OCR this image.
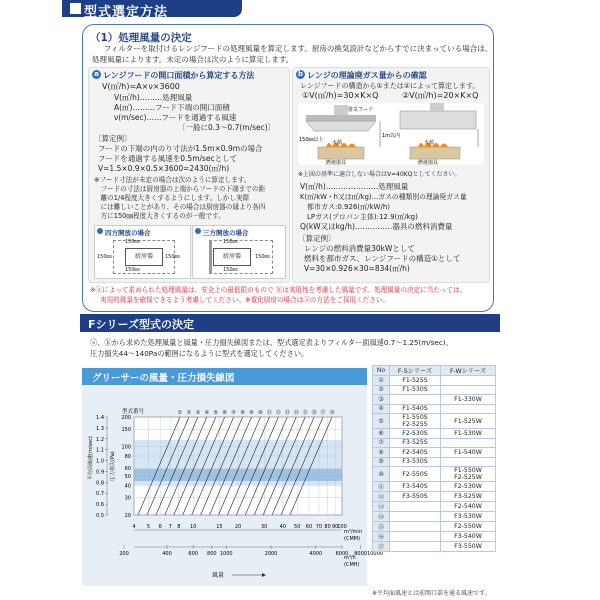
型式選定方法
（1）処理風量の決定
フィルターを取付けるレンジフードの処理風量を算定します。厨房の換気設計などからすでに決まっている場合は、
処理風量によります。未定の場合は次のように算定します。
a レンジフードの開口面積から算定する方法
V(㎥/h)=A×ν×3600
V(㎥/h)………処理風量
A(㎡)………フード下端の開口面積
ν(m/sec)……フードを通過する風速
〔一般に0.3〜0.7(m/sec)〕
〔算定例〕
フードの下端の内のり寸法が1.5m×0.9mの場合
フードを通過する風速を0.5m/secとして
V=1.5×0.9×0.5×3600=2430(㎥/h)
※フード寸法が未定の場合は次のように算定します。
　フードの寸法は厨房器の上端からフードの下端までの距
　離の1/4程度大きくするようにします。しかし実際
　には難しいことがあり、その場合は厨房器の縁より各四
　方に150㎜程度大きくするのが一般です。
四方開放の場合
厨房器
150㎜
150㎜	150㎜
150㎜
三方開放の場合
厨房器
150㎜
150㎜
150㎜
b レンジの理論廃ガス量からの確認
レンジフードの構造から①または②によって算定します。
①V(㎥/h)=30×K×Q	②V(㎥/h)=20×K×Q
排気フード
150㎜以上
1m以内
火源
燃焼器具
火源
燃焼器具
※上図の基準に適合しない場合はV=40KQとしてください。
V(㎥/h)…………………処理風量
K(㎥/kW・h又は㎥/kg)…ガスの種類別の理論廃ガス量
　都市ガス:0.926(㎥/kW/h)
　LPガス(プロパン主体):12.9(㎥/kg)
Q(kW又はkg/h)……………器具の燃料消費量
〔算定例〕
レンジの燃料消費量30kWとして
燃料を都市ガス、レンジフードの構造①として
V=30×0.926×30=834(㎥/h)
※ⓐによって求められた処理風量は、安全上の最低限のもので ⓑは実用性を考慮した風量です。処理風量の決定に当たっては、
実用的風量を確保できるよう考慮してください。※電化厨房の場合はⓐの方法をご採用ください。
Fシリーズ型式の決定
ⓐ、ⓑから求めた処理風量と風量・圧力損失線図または、型式選定表よりフィルター面風速0.7〜1.25(m/sec)、
圧力損失44〜140Paの範囲になるように型式を選定してください。
グリーサーの風量・圧力損失線図
200
150
100
80
60
50
40
30
20
1.4
1.3
1.2
1.1
1.0
0.9
0.8
0.7
0.6
0.5
4 5 6 7 8 10	15 20	30 40 50 60 70 80 90
100
200	400	600 800 1000	2000	4000	6000 8000 10000
① ② ③ ④ ⑤ ⑥ ⑦ ⑧ ⑨ ⑩ ⑪ ⑫ ⑬ ⑭ ⑮ ⑯ ⑰ ⑱
型式番号
平均面風速(m/sec)	圧力損失(Pa)
m³/min
(CMM)
m³/h
(CMH)
風量
No	F-Sシリーズ	F-Wシリーズ
①	F1-525S	
②	F1-530S	
③		F1-330W
④	F1-540S	
⑤	F1-550S
F2-525S	F1-525W
⑥	F2-530S	F1-530W
⑦	F3-525S	
⑧	F2-540S	F1-540W
⑨	F3-530S	
⑩	F2-550S	F1-550W
F2-525W
⑪	F3-540S	F2-530W
⑫	F3-550S	F3-525W
⑬		F2-540W
⑭		F3-530W
⑮		F2-550W
⑯		F3-540W
⑰		F3-550W
※平均面風速とは前開口部を通る風速です。
